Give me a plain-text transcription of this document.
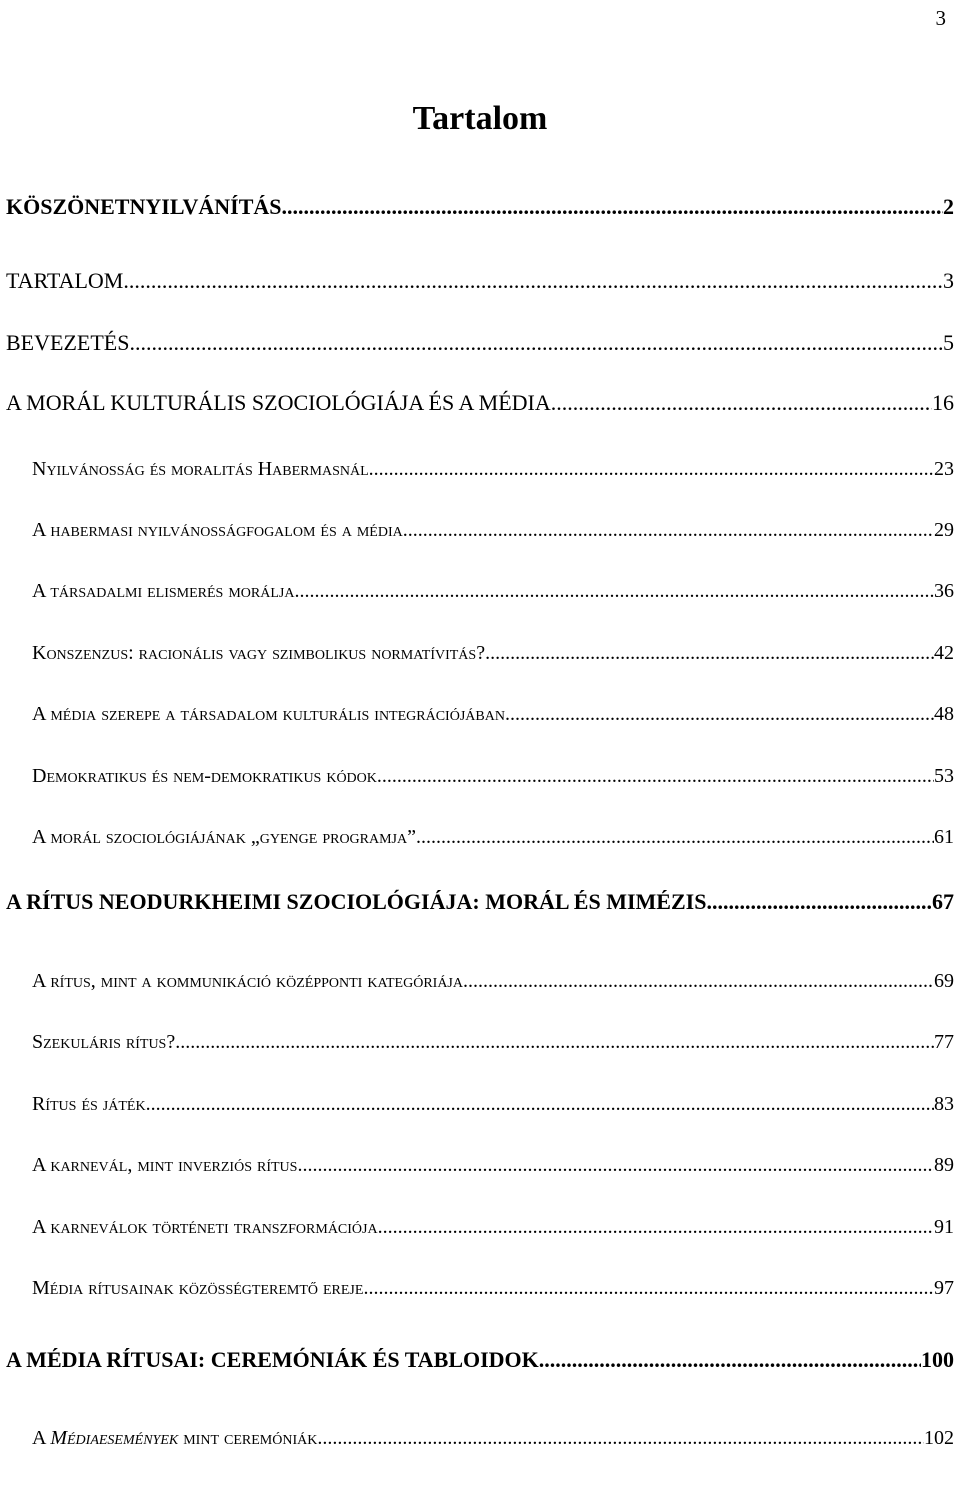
3
Tartalom
KÖSZÖNETNYILVÁNÍTÁS .....	2
TARTALOM .....	3
BEVEZETÉS .....	5
A MORÁL KULTURÁLIS SZOCIOLÓGIÁJA ÉS A MÉDIA .....	16
Nyilvánosság és moralitás Habermasnál .....	23
A habermasi nyilvánosságfogalom és a média .....	29
A társadalmi elismerés morálja .....	36
Konszenzus: racionális vagy szimbolikus normatívitás? .....	42
A média szerepe a társadalom kulturális integrációjában .....	48
Demokratikus és nem-demokratikus kódok .....	53
A morál szociológiájának „gyenge programja” .....	61
A RÍTUS NEODURKHEIMI SZOCIOLÓGIÁJA: MORÁL ÉS MIMÉZIS .....	67
A rítus, mint a kommunikáció középponti kategóriája .....	69
Szekuláris rítus? .....	77
Rítus és játék .....	83
A karnevál, mint inverziós rítus .....	89
A karneválok történeti transzformációja .....	91
Média rítusainak közösségteremtő ereje .....	97
A MÉDIA RÍTUSAI: CEREMÓNIÁK ÉS TABLOIDOK .....	100
A Médiaesemények mint ceremóniák .....	102
